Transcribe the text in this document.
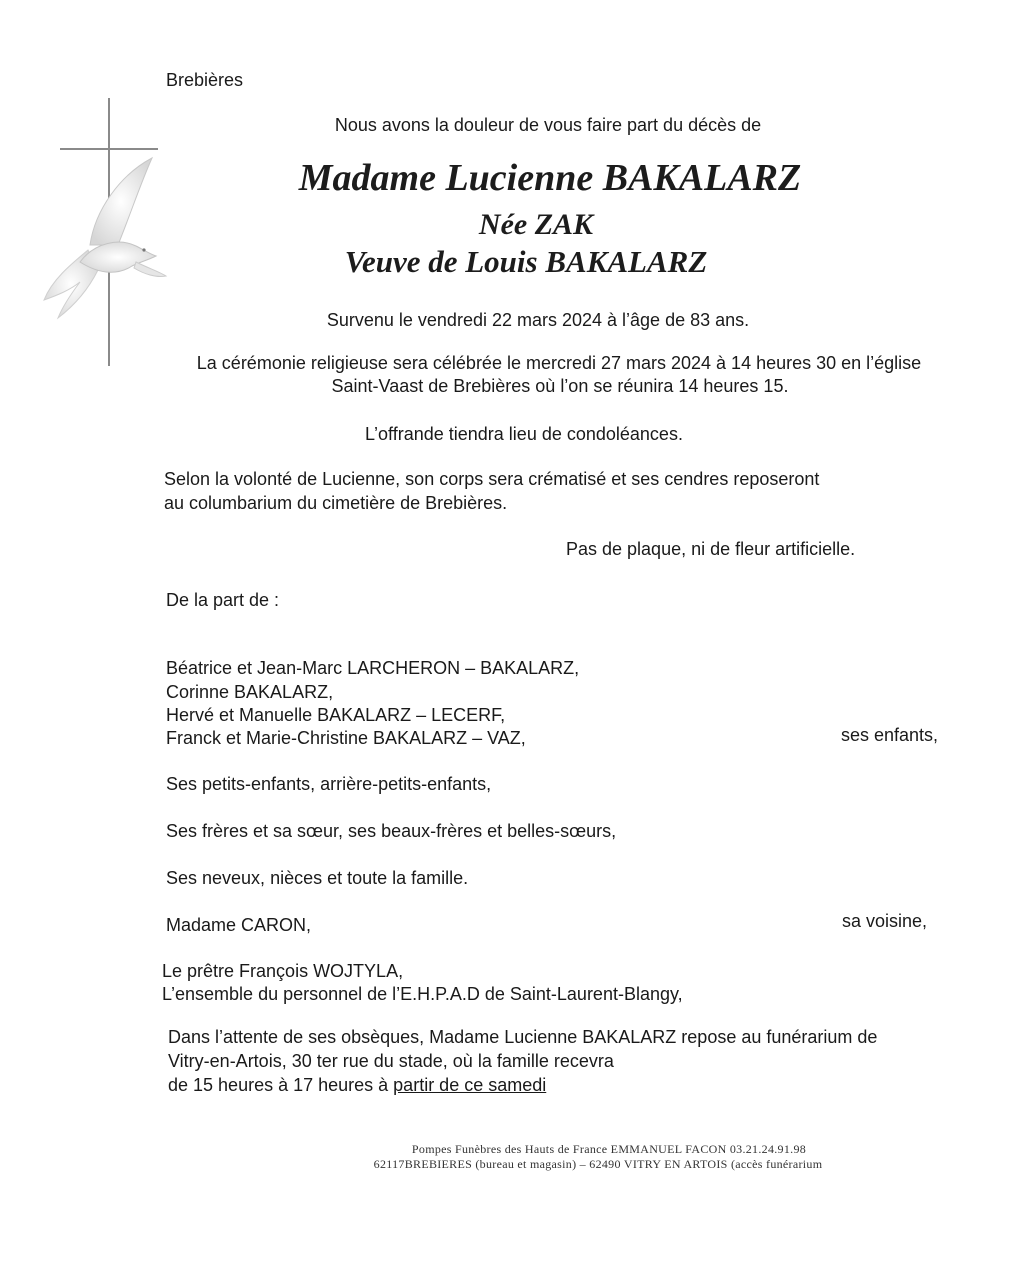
Brebières
Nous avons la douleur de vous faire part du décès de
Madame Lucienne BAKALARZ
Née ZAK
Veuve de Louis BAKALARZ
Survenu le vendredi 22 mars 2024 à l’âge de 83 ans.
La cérémonie religieuse sera célébrée le mercredi 27 mars 2024 à 14 heures 30 en l’église
Saint-Vaast de Brebières où l’on se réunira 14 heures 15.
L’offrande tiendra lieu de condoléances.
Selon la volonté de Lucienne, son corps sera crématisé et ses cendres reposeront
au columbarium du cimetière de Brebières.
Pas de plaque, ni de fleur artificielle.
De la part de :
Béatrice et Jean-Marc LARCHERON – BAKALARZ,
Corinne BAKALARZ,
Hervé et Manuelle BAKALARZ – LECERF,
Franck et Marie-Christine BAKALARZ – VAZ,	ses enfants,
Ses petits-enfants, arrière-petits-enfants,
Ses frères et sa sœur, ses beaux-frères et belles-sœurs,
Ses neveux, nièces et toute la famille.
Madame CARON,	sa voisine,
Le prêtre François WOJTYLA,
L’ensemble du personnel de l’E.H.P.A.D de Saint-Laurent-Blangy,
Dans l’attente de ses obsèques, Madame Lucienne BAKALARZ repose au funérarium de
Vitry-en-Artois, 30 ter rue du stade, où la famille recevra
de 15 heures à 17 heures à partir de ce samedi
Pompes Funèbres des Hauts de France EMMANUEL FACON 03.21.24.91.98
62117BREBIERES (bureau et magasin) – 62490 VITRY EN ARTOIS (accès funérarium
